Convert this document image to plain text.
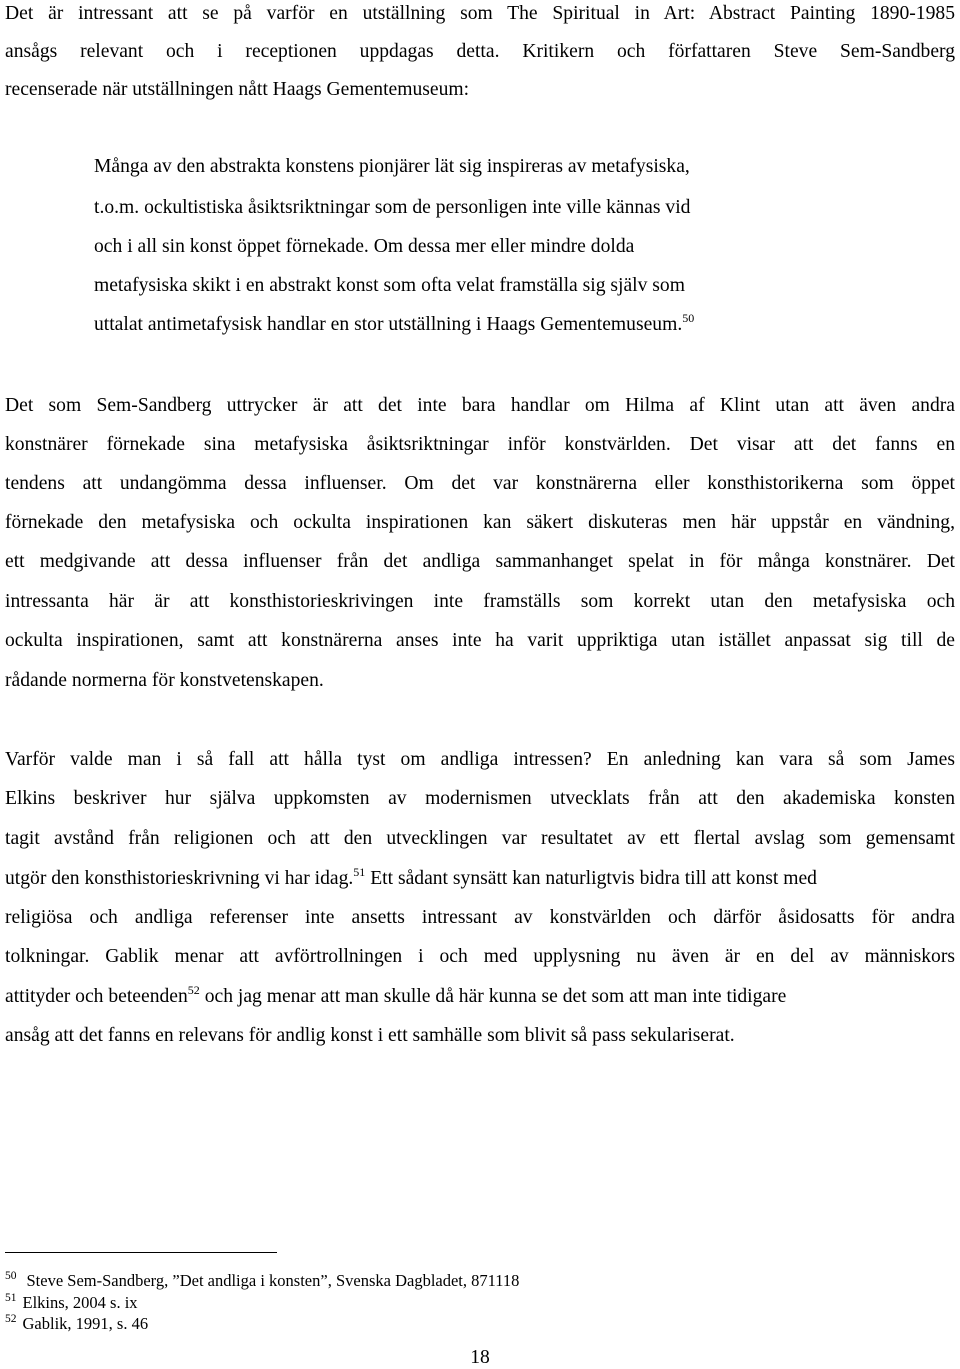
Det är intressant att se på varför en utställning som The Spiritual in Art: Abstract Painting 1890-1985
ansågs relevant och i receptionen uppdagas detta. Kritikern och författaren Steve Sem-Sandberg
recenserade när utställningen nått Haags Gementemuseum:
Många av den abstrakta konstens pionjärer lät sig inspireras av metafysiska,
t.o.m. ockultistiska åsiktsriktningar som de personligen inte ville kännas vid
och i all sin konst öppet förnekade. Om dessa mer eller mindre dolda
metafysiska skikt i en abstrakt konst som ofta velat framställa sig själv som
uttalat antimetafysisk handlar en stor utställning i Haags Gementemuseum.$^{50}$
Det som Sem-Sandberg uttrycker är att det inte bara handlar om Hilma af Klint utan att även andra
konstnärer förnekade sina metafysiska åsiktsriktningar inför konstvärlden. Det visar att det fanns en
tendens att undangömma dessa influenser. Om det var konstnärerna eller konsthistorikerna som öppet
förnekade den metafysiska och ockulta inspirationen kan säkert diskuteras men här uppstår en vändning,
ett medgivande att dessa influenser från det andliga sammanhanget spelat in för många konstnärer. Det
intressanta här är att konsthistorieskrivingen inte framställs som korrekt utan den metafysiska och
ockulta inspirationen, samt att konstnärerna anses inte ha varit uppriktiga utan istället anpassat sig till de
rådande normerna för konstvetenskapen.
Varför valde man i så fall att hålla tyst om andliga intressen? En anledning kan vara så som James
Elkins beskriver hur själva uppkomsten av modernismen utvecklats från att den akademiska konsten
tagit avstånd från religionen och att den utvecklingen var resultatet av ett flertal avslag som gemensamt
utgör den konsthistorieskrivning vi har idag.$^{51}$ Ett sådant synsätt kan naturligtvis bidra till att konst med
religiösa och andliga referenser inte ansetts intressant av konstvärlden och därför åsidosatts för andra
tolkningar. Gablik menar att avförtrollningen i och med upplysning nu även är en del av människors
attityder och beteenden$^{52}$ och jag menar att man skulle då här kunna se det som att man inte tidigare
ansåg att det fanns en relevans för andlig konst i ett samhälle som blivit så pass sekulariserat.
$^{50}$ Steve Sem-Sandberg, ”Det andliga i konsten”, Svenska Dagbladet, 871118
$^{51}$ Elkins, 2004 s. ix
$^{52}$ Gablik, 1991, s. 46
18
